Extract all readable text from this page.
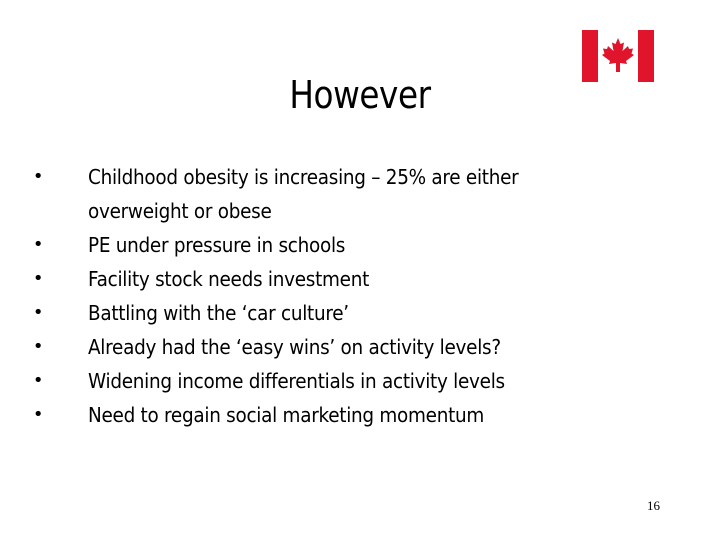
However
• Childhood obesity is increasing – 25% are either
overweight or obese
• PE under pressure in schools
• Facility stock needs investment
• Battling with the ‘car culture’
• Already had the ‘easy wins’ on activity levels?
• Widening income differentials in activity levels
• Need to regain social marketing momentum
16
